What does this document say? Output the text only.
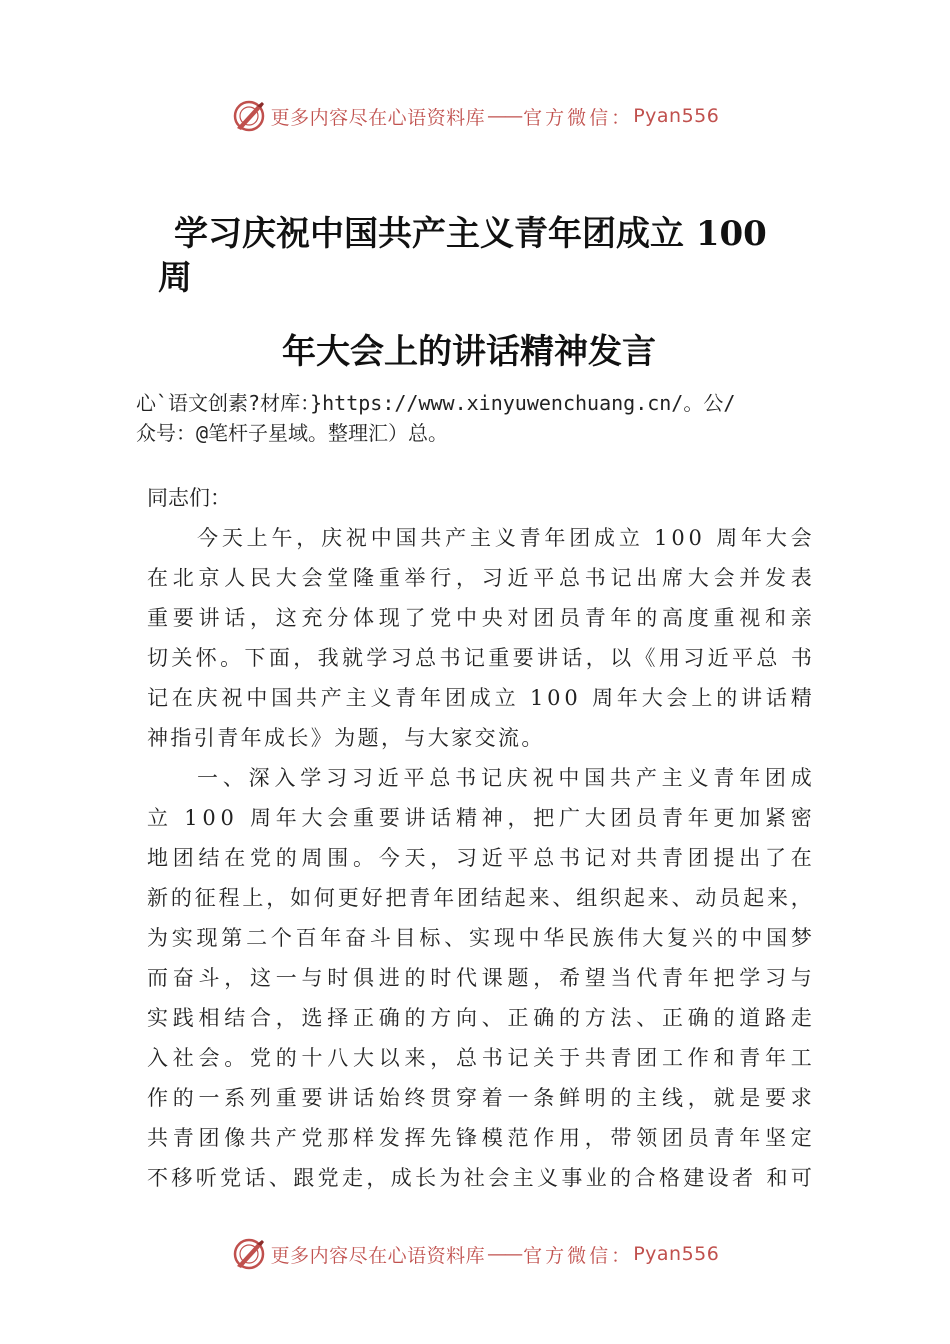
更多内容尽在心语资料库 —— 官方微信： Pyan556
学习庆祝中国共产主义青年团成立 100
周
年大会上的讲话精神发言
心`语文创素?材库：}https://www.xinyuwenchuang.cn/。公/
众号：@笔杆子星域。整理汇）总。
同志们：
今 天 上 午 ， 庆 祝 中 国 共 产 主 义 青 年 团 成 立
1 0 0
周 年 大 会
在 北 京 人 民 大 会 堂 隆 重 举 行 ， 习 近 平 总 书 记 出 席 大 会 并 发 表
重 要 讲 话 ， 这 充 分 体 现 了 党 中 央 对 团 员 青 年 的 高 度 重 视 和 亲
切 关 怀 。 下 面 ， 我 就 学 习 总 书 记 重 要 讲 话 ， 以 《 用 习 近 平 总
书
记 在 庆 祝 中 国 共 产 主 义 青 年 团 成 立
1 0 0
周 年 大 会 上 的 讲 话 精
神指引青年成长》为题，与大家交流。
一 、 深 入 学 习 习 近 平 总 书 记 庆 祝 中 国 共 产 主 义 青 年 团 成
立
1 0 0
周 年 大 会 重 要 讲 话 精 神 ， 把 广 大 团 员 青 年 更 加 紧 密
地 团 结 在 党 的 周 围 。 今 天 ， 习 近 平 总 书 记 对 共 青 团 提 出 了 在
新 的 征 程 上 ， 如 何 更 好 把 青 年 团 结 起 来 、 组 织 起 来 、 动 员 起 来 ，
为 实 现 第 二 个 百 年 奋 斗 目 标 、 实 现 中 华 民 族 伟 大 复 兴 的 中 国 梦
而 奋 斗 ， 这 一 与 时 俱 进 的 时 代 课 题 ， 希 望 当 代 青 年 把 学 习 与
实 践 相 结 合 ， 选 择 正 确 的 方 向 、 正 确 的 方 法 、 正 确 的 道 路 走
入 社 会 。 党 的 十 八 大 以 来 ， 总 书 记 关 于 共 青 团 工 作 和 青 年 工
作 的 一 系 列 重 要 讲 话 始 终 贯 穿 着 一 条 鲜 明 的 主 线 ， 就 是 要 求
共 青 团 像 共 产 党 那 样 发 挥 先 锋 模 范 作 用 ， 带 领 团 员 青 年 坚 定
不 移 听 党 话 、 跟 党 走 ， 成 长 为 社 会 主 义 事 业 的 合 格 建 设 者
和 可
更多内容尽在心语资料库 —— 官方微信： Pyan556
